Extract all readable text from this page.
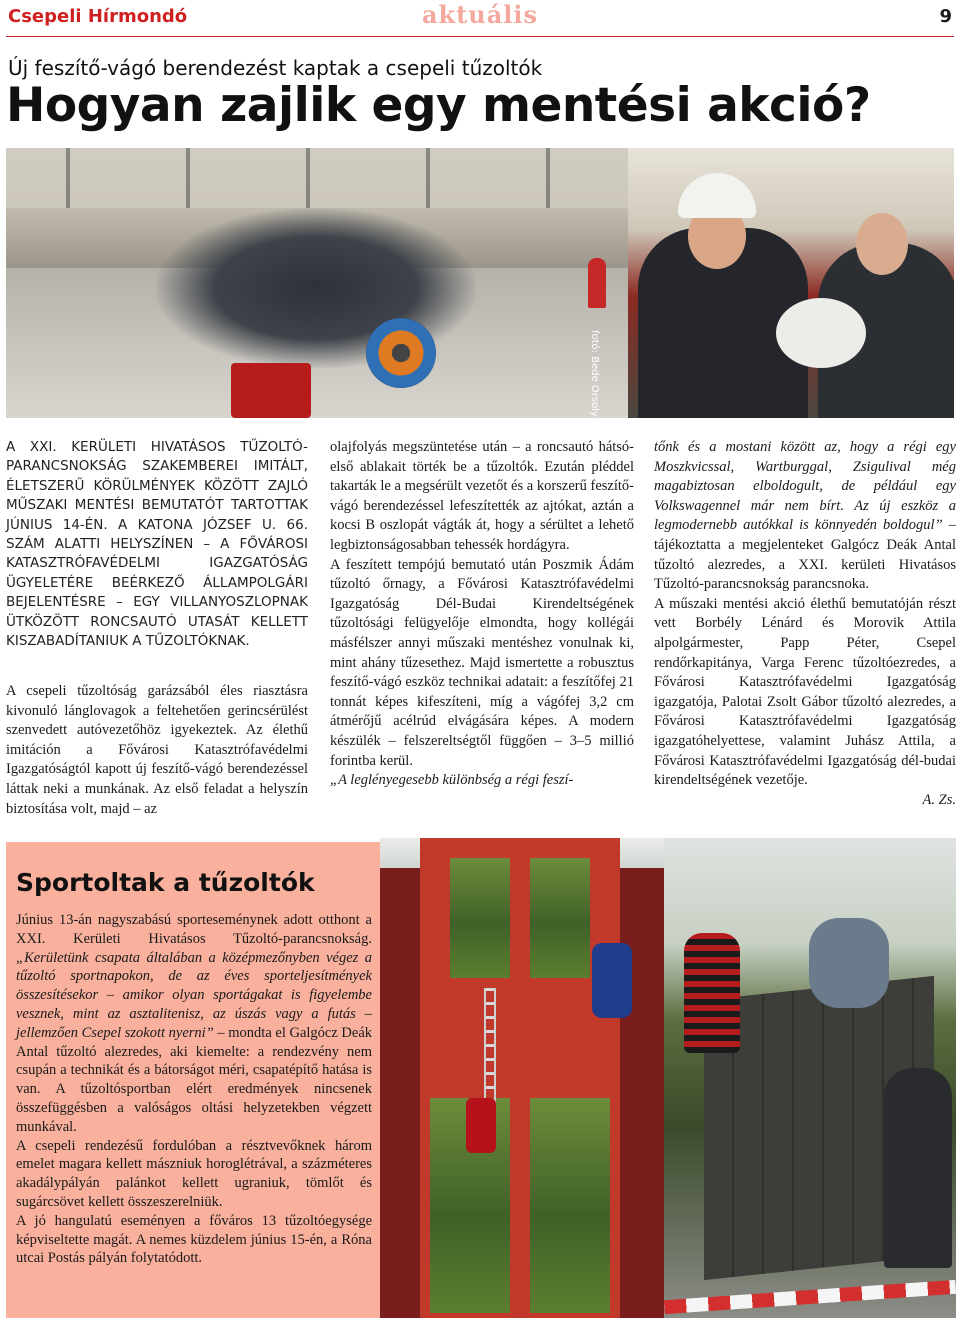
Csepeli Hírmondó	aktuális	9
Új feszítő-vágó berendezést kaptak a csepeli tűzoltók
Hogyan zajlik egy mentési akció?
fotó: Bede Orsolya
A XXI. KERÜLETI HIVATÁSOS TŰZOLTÓ-PARANCSNOKSÁG SZAKEMBEREI IMITÁLT, ÉLETSZERŰ KÖRÜLMÉNYEK KÖZÖTT ZAJLÓ MŰSZAKI MENTÉSI BEMUTATÓT TARTOTTAK JÚNIUS 14-ÉN. A KATONA JÓZSEF U. 66. SZÁM ALATTI HELYSZÍNEN – A FŐVÁROSI KATASZTRÓFAVÉDELMI IGAZGATÓSÁG ÜGYELETÉRE BEÉRKEZŐ ÁLLAMPOLGÁRI BEJELENTÉSRE – EGY VILLANYOSZLOPNAK ÜTKÖZÖTT RONCSAUTÓ UTASÁT KELLETT KISZABADÍTANIUK A TŰZOLTÓKNAK.

A csepeli tűzoltóság garázsából éles riasztásra kivonuló lánglovagok a feltehetően gerincsérülést szenvedett autóvezetőhöz igyekeztek. Az élethű imitáción a Fővárosi Katasztrófavédelmi Igazgatóságtól kapott új feszítő-vágó berendezéssel láttak neki a munkának. Az első feladat a helyszín biztosítása volt, majd – az

olajfolyás megszüntetése után – a roncsautó hátsó-első ablakait törték be a tűzoltók. Ezután pléddel takarták le a megsérült vezetőt és a korszerű feszítő-vágó berendezéssel lefeszítették az ajtókat, aztán a kocsi B oszlopát vágták át, hogy a sérültet a lehető legbiztonságosabban tehessék hordágyra.

A feszített tempójú bemutató után Poszmik Ádám tűzoltó őrnagy, a Fővárosi Katasztrófavédelmi Igazgatóság Dél-Budai Kirendeltségének tűzoltósági felügyelője elmondta, hogy kollégái másfélszer annyi műszaki mentéshez vonulnak ki, mint ahány tűzesethez. Majd ismertette a robusztus feszítő-vágó eszköz technikai adatait: a feszítőfej 21 tonnát képes kifeszíteni, míg a vágófej 3,2 cm átmérőjű acélrúd elvágására képes. A modern készülék – felszereltségtől függően – 3–5 millió forintba kerül.

„A leglényegesebb különbség a régi feszí-

tőnk és a mostani között az, hogy a régi egy Moszkvicssal, Wartburggal, Zsigulival még magabiztosan elboldogult, de például egy Volkswagennel már nem bírt. Az új eszköz a legmodernebb autókkal is könnyedén boldogul” – tájékoztatta a megjelenteket Galgócz Deák Antal tűzoltó alezredes, a XXI. kerületi Hivatásos Tűzoltó-parancsnokság parancsnoka.

A műszaki mentési akció élethű bemutatóján részt vett Borbély Lénárd és Morovik Attila alpolgármester, Papp Péter, Csepel rendőrkapitánya, Varga Ferenc tűzoltóezredes, a Fővárosi Katasztrófavédelmi Igazgatóság igazgatója, Palotai Zsolt Gábor tűzoltó alezredes, a Fővárosi Katasztrófavédelmi Igazgatóság igazgatóhelyettese, valamint Juhász Attila, a Fővárosi Katasztrófavédelmi Igazgatóság dél-budai kirendeltségének vezetője.

A. Zs.
Sportoltak a tűzoltók

Június 13-án nagyszabású sporteseménynek adott otthont a XXI. Kerületi Hivatásos Tűzoltó-parancsnokság. „Kerületünk csapata általában a középmezőnyben végez a tűzoltó sportnapokon, de az éves sporteljesítmények összesítésekor – amikor olyan sportágakat is figyelembe vesznek, mint az asztalitenisz, az úszás vagy a futás – jellemzően Csepel szokott nyerni” – mondta el Galgócz Deák Antal tűzoltó alezredes, aki kiemelte: a rendezvény nem csupán a technikát és a bátorságot méri, csapatépítő hatása is van. A tűzoltósportban elért eredmények nincsenek összefüggésben a valóságos oltási helyzetekben végzett munkával.

A csepeli rendezésű fordulóban a résztvevőknek három emelet magara kellett mászniuk horoglétrával, a százméteres akadálypályán palánkot kellett ugraniuk, tömlőt és sugárcsövet kellett összeszerelniük.

A jó hangulatú eseményen a főváros 13 tűzoltóegysége képviseltette magát. A nemes küzdelem június 15-én, a Róna utcai Postás pályán folytatódott.
